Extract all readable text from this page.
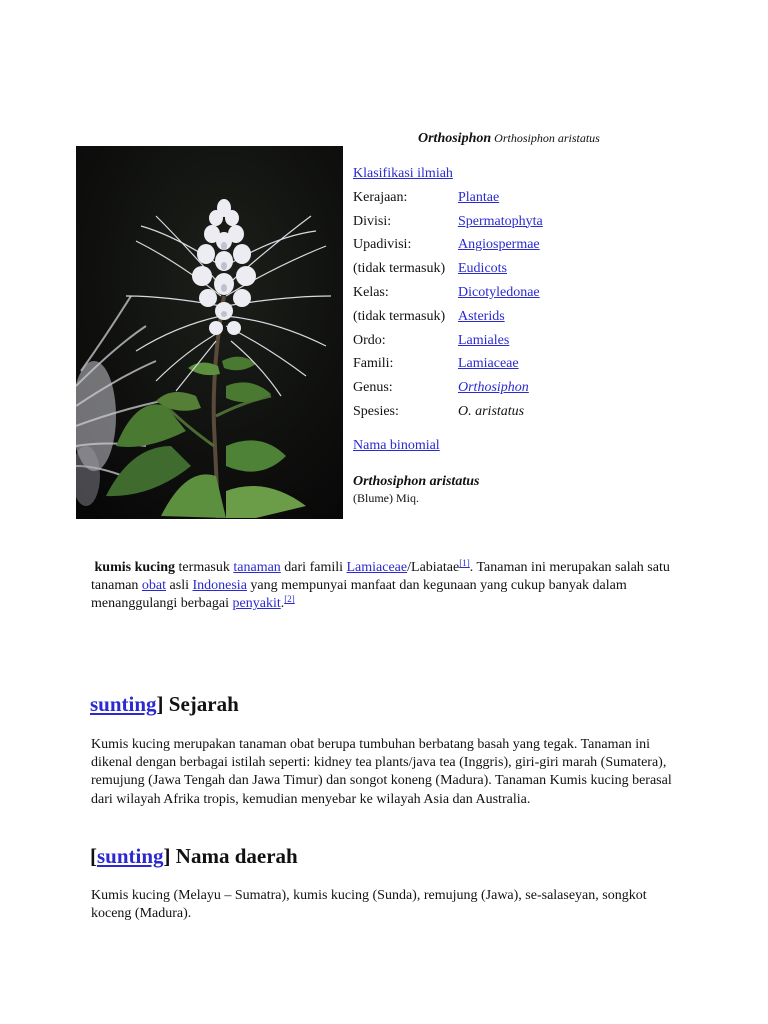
Orthosiphon Orthosiphon aristatus
Klasifikasi ilmiah
Kerajaan:	Plantae
Divisi:	Spermatophyta
Upadivisi:	Angiospermae
(tidak termasuk) Eudicots
Kelas:	Dicotyledonae
(tidak termasuk) Asterids
Ordo:	Lamiales
Famili:	Lamiaceae
Genus:	Orthosiphon
Spesies:	O. aristatus
Nama binomial
Orthosiphon aristatus
(Blume) Miq.
kumis kucing termasuk tanaman dari famili Lamiaceae/Labiatae[1]. Tanaman ini merupakan salah satu tanaman obat asli Indonesia yang mempunyai manfaat dan kegunaan yang cukup banyak dalam menanggulangi berbagai penyakit.[2]
sunting] Sejarah
Kumis kucing merupakan tanaman obat berupa tumbuhan berbatang basah yang tegak. Tanaman ini dikenal dengan berbagai istilah seperti: kidney tea plants/java tea (Inggris), giri-giri marah (Sumatera), remujung (Jawa Tengah dan Jawa Timur) dan songot koneng (Madura). Tanaman Kumis kucing berasal dari wilayah Afrika tropis, kemudian menyebar ke wilayah Asia dan Australia.
[sunting] Nama daerah
Kumis kucing (Melayu – Sumatra), kumis kucing (Sunda), remujung (Jawa), se-salaseyan, songkot koceng (Madura).
